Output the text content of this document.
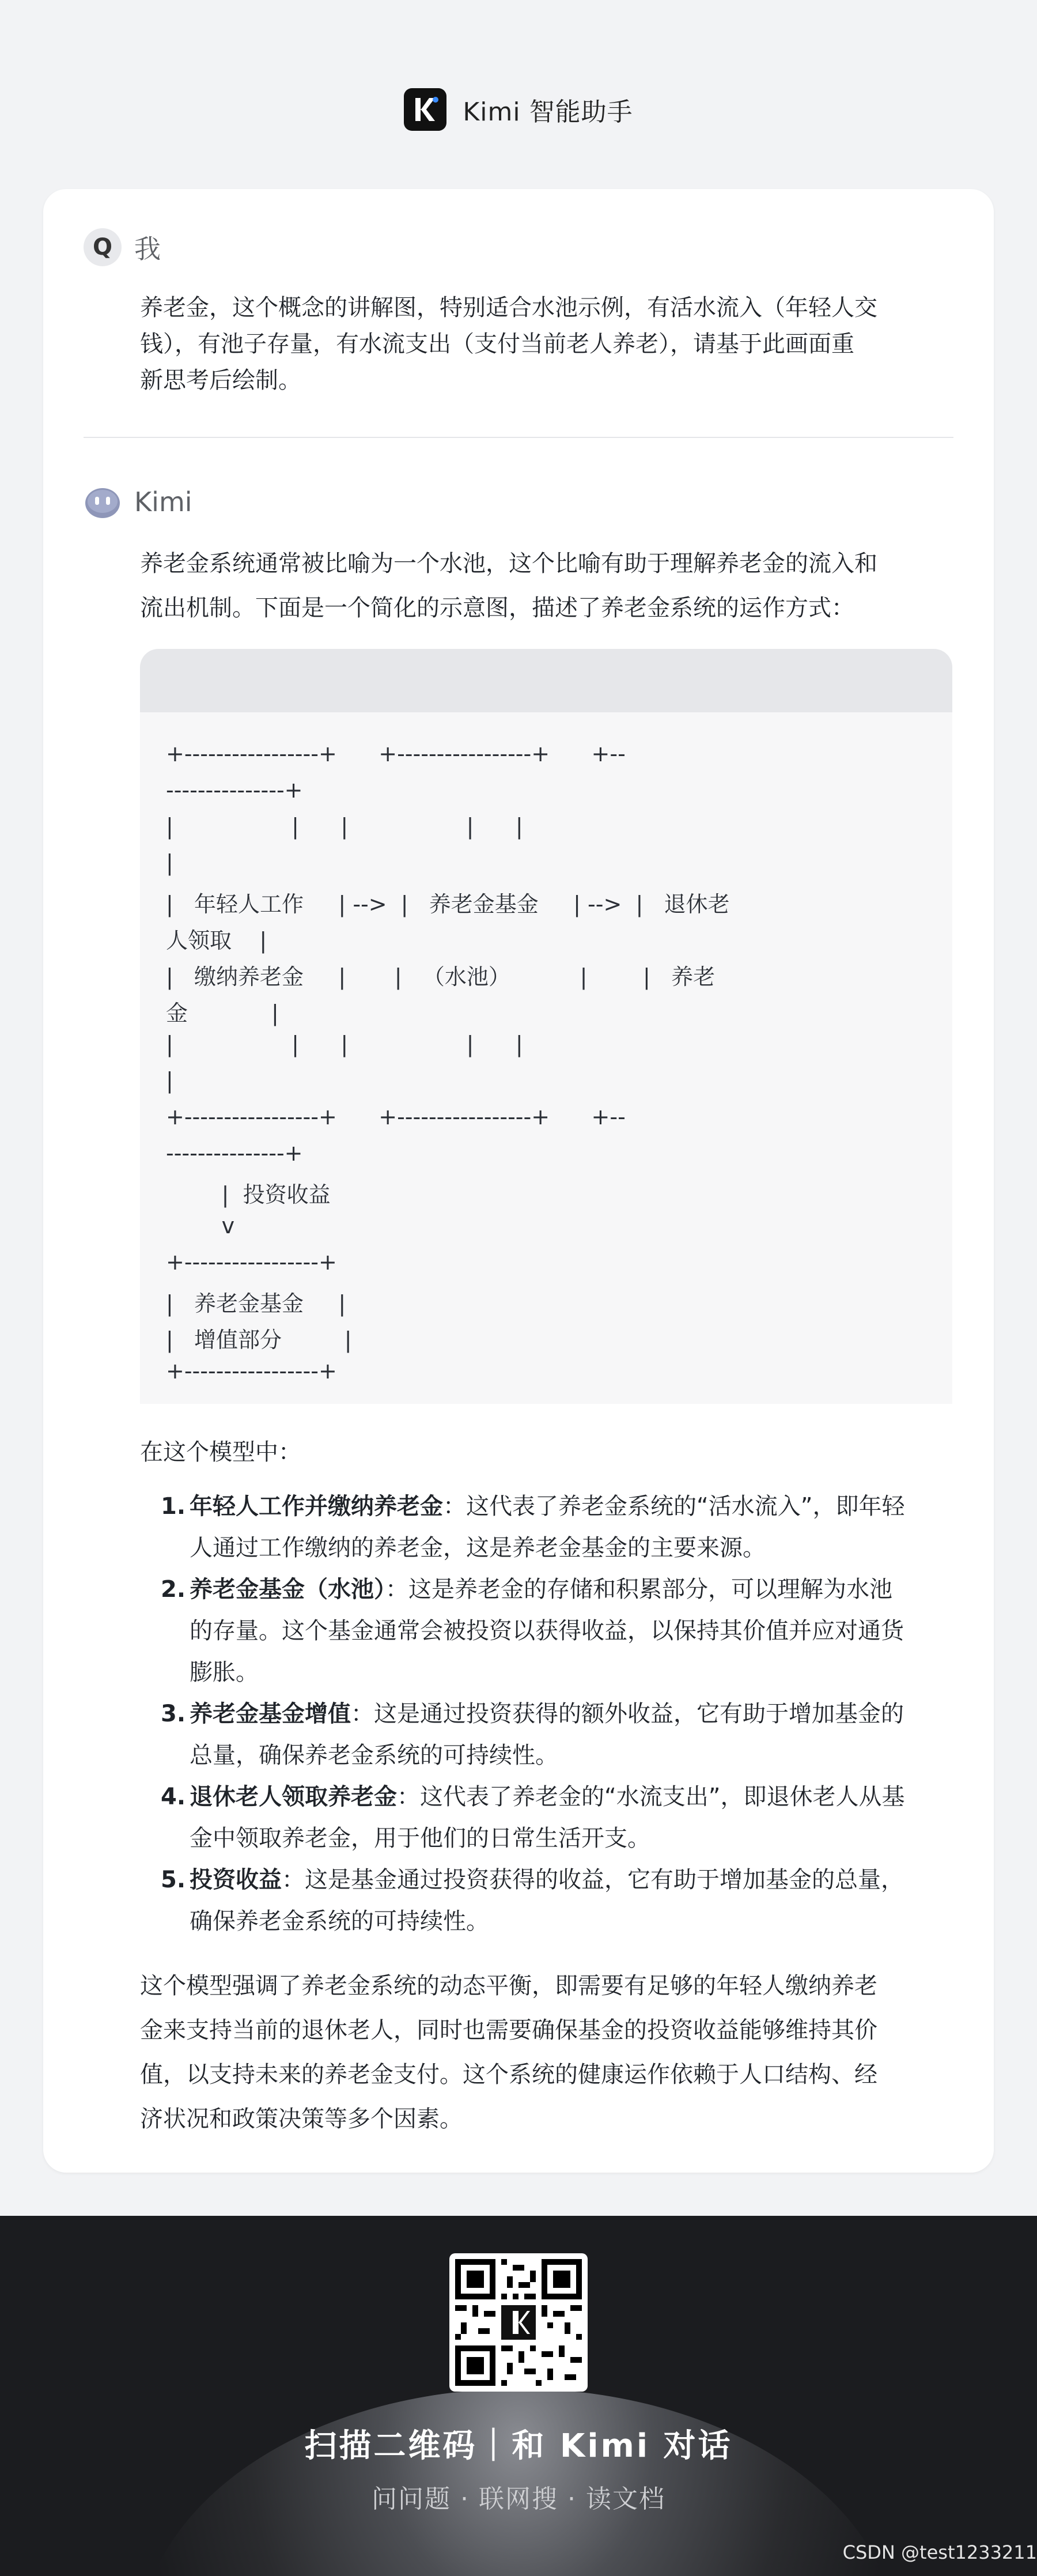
Kimi 智能助手
Q 我
养老金，这个概念的讲解图，特别适合水池示例，有活水流入（年轻人交
钱），有池子存量，有水流支出（支付当前老人养老），请基于此画面重
新思考后绘制。
Kimi
养老金系统通常被比喻为一个水池，这个比喻有助于理解养老金的流入和
流出机制。下面是一个简化的示意图，描述了养老金系统的运作方式：
+-----------------+      +-----------------+      +--
---------------+
|                 |      |                 |      |
|
|   年轻人工作     | -->  |   养老金基金     | -->  |   退休老
人领取    |
|   缴纳养老金     |       |   （水池）          |        |   养老
金            |
|                 |      |                 |      |
|
+-----------------+      +-----------------+      +--
---------------+
|  投资收益
v
+-----------------+
|   养老金基金     |
|   增值部分         |
+-----------------+
在这个模型中：
1. 年轻人工作并缴纳养老金：这代表了养老金系统的“活水流入”，即年轻
人通过工作缴纳的养老金，这是养老金基金的主要来源。
2. 养老金基金（水池）：这是养老金的存储和积累部分，可以理解为水池
的存量。这个基金通常会被投资以获得收益，以保持其价值并应对通货
膨胀。
3. 养老金基金增值：这是通过投资获得的额外收益，它有助于增加基金的
总量，确保养老金系统的可持续性。
4. 退休老人领取养老金：这代表了养老金的“水流支出”，即退休老人从基
金中领取养老金，用于他们的日常生活开支。
5. 投资收益：这是基金通过投资获得的收益，它有助于增加基金的总量，
确保养老金系统的可持续性。
这个模型强调了养老金系统的动态平衡，即需要有足够的年轻人缴纳养老
金来支持当前的退休老人，同时也需要确保基金的投资收益能够维持其价
值，以支持未来的养老金支付。这个系统的健康运作依赖于人口结构、经
济状况和政策决策等多个因素。
扫描二维码｜和 Kimi 对话
问问题 · 联网搜 · 读文档
CSDN @test1233211
